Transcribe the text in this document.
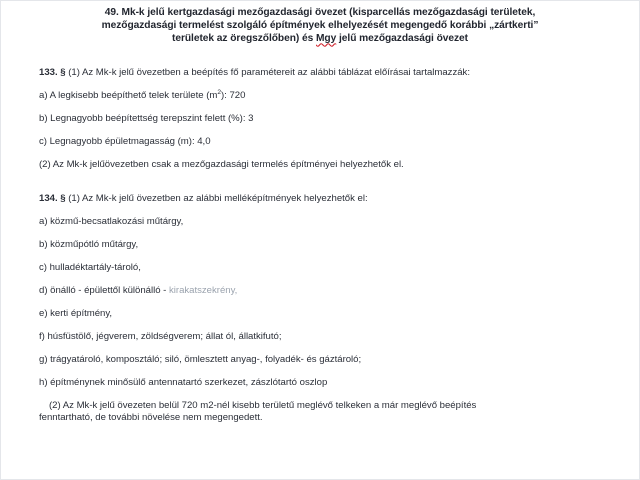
49. Mk-k jelű kertgazdasági mezőgazdasági övezet (kisparcellás mezőgazdasági területek,
mezőgazdasági termelést szolgáló építmények elhelyezését megengedő korábbi „zártkerti”
területek az öregszőlőben) és Mgy jelű mezőgazdasági övezet

133. § (1) Az Mk-k jelű övezetben a beépítés fő paramétereit az alábbi táblázat előírásai tartalmazzák:

a) A legkisebb beépíthető telek területe $(m^2)$: 720

b) Legnagyobb beépítettség terepszint felett (%): 3

c) Legnagyobb épületmagasság (m): 4,0

(2) Az Mk-k jelűövezetben csak a mezőgazdasági termelés építményei helyezhetők el.

134. § (1) Az Mk-k jelű övezetben az alábbi melléképítmények helyezhetők el:

a) közmű-becsatlakozási műtárgy,

b) közműpótló műtárgy,

c) hulladéktartály-tároló,

d) önálló - épülettől különálló - kirakatszekrény,

e) kerti építmény,

f) húsfüstölő, jégverem, zöldségverem; állat ól, állatkifutó;

g) trágyatároló, komposztáló; siló, ömlesztett anyag-, folyadék- és gáztároló;

h) építménynek minősülő antennatartó szerkezet, zászlótartó oszlop

(2) Az Mk-k jelű övezeten belül 720 m2-nél kisebb területű meglévő telkeken a már meglévő beépítés

fenntartható, de további növelése nem megengedett.
